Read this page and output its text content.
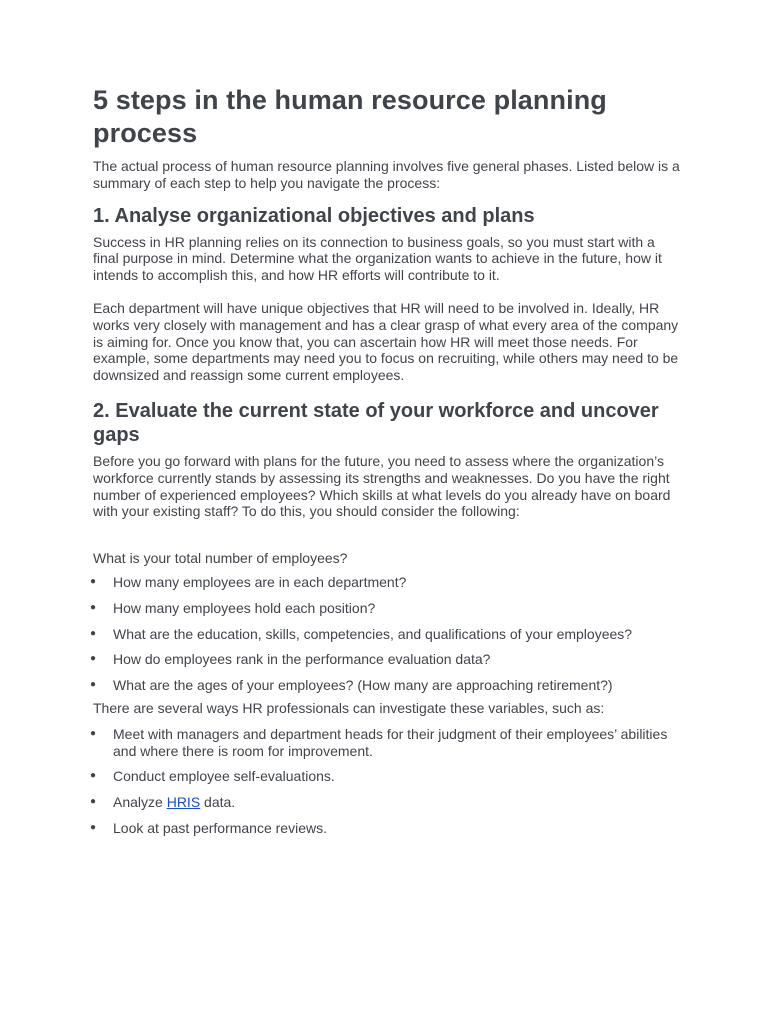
5 steps in the human resource planning process

The actual process of human resource planning involves five general phases. Listed below is a summary of each step to help you navigate the process:

1. Analyse organizational objectives and plans

Success in HR planning relies on its connection to business goals, so you must start with a final purpose in mind. Determine what the organization wants to achieve in the future, how it intends to accomplish this, and how HR efforts will contribute to it.

Each department will have unique objectives that HR will need to be involved in. Ideally, HR works very closely with management and has a clear grasp of what every area of the company is aiming for. Once you know that, you can ascertain how HR will meet those needs. For example, some departments may need you to focus on recruiting, while others may need to be downsized and reassign some current employees.

2. Evaluate the current state of your workforce and uncover gaps

Before you go forward with plans for the future, you need to assess where the organization’s workforce currently stands by assessing its strengths and weaknesses. Do you have the right number of experienced employees? Which skills at what levels do you already have on board with your existing staff? To do this, you should consider the following:

What is your total number of employees?

● How many employees are in each department?
● How many employees hold each position?
● What are the education, skills, competencies, and qualifications of your employees?
● How do employees rank in the performance evaluation data?
● What are the ages of your employees? (How many are approaching retirement?)

There are several ways HR professionals can investigate these variables, such as:

● Meet with managers and department heads for their judgment of their employees’ abilities and where there is room for improvement.
● Conduct employee self-evaluations.
● Analyze HRIS data.
● Look at past performance reviews.
